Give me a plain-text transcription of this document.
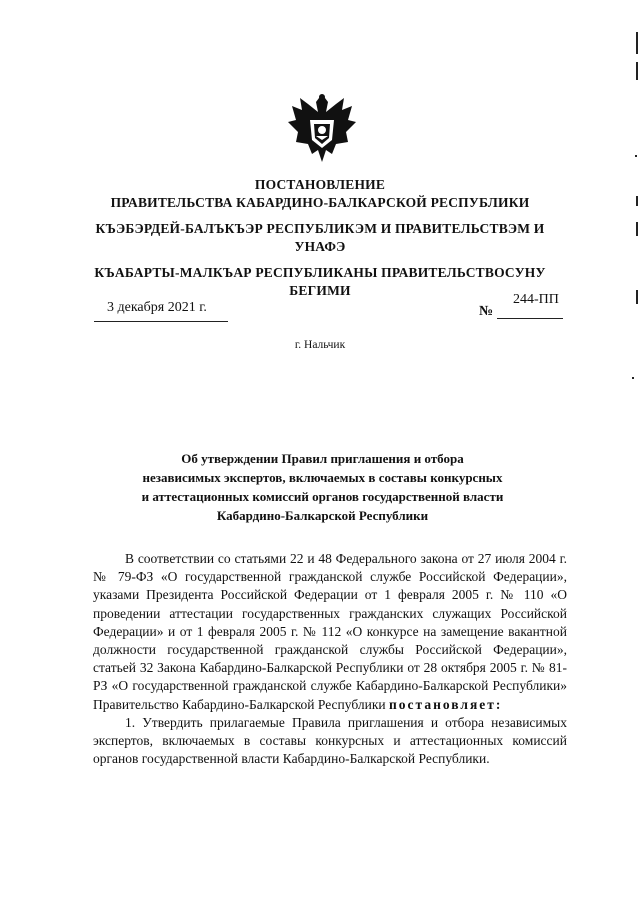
ПОСТАНОВЛЕНИЕ
ПРАВИТЕЛЬСТВА КАБАРДИНО-БАЛКАРСКОЙ РЕСПУБЛИКИ
КЪЭБЭРДЕЙ-БАЛЪКЪЭР РЕСПУБЛИКЭМ И ПРАВИТЕЛЬСТВЭМ И
УНАФЭ
КЪАБАРТЫ-МАЛКЪАР РЕСПУБЛИКАНЫ ПРАВИТЕЛЬСТВОСУНУ
БЕГИМИ
3 декабря 2021 г.
244-ПП
№
г. Нальчик
Об утверждении Правил приглашения и отбора
независимых экспертов, включаемых в составы конкурсных
и аттестационных комиссий органов государственной власти
Кабардино-Балкарской Республики

В соответствии со статьями 22 и 48 Федерального закона от 27 июля 2004 г. № 79-ФЗ «О государственной гражданской службе Российской Федерации», указами Президента Российской Федерации от 1 февраля 2005 г. № 110 «О проведении аттестации государственных гражданских служащих Российской Федерации» и от 1 февраля 2005 г. № 112 «О конкурсе на замещение вакантной должности государственной гражданской службы Российской Федерации», статьей 32 Закона Кабардино-Балкарской Республики от 28 октября 2005 г. № 81-РЗ «О государственной гражданской службе Кабардино-Балкарской Республики» Правительство Кабардино-Балкарской Республики постановляет:

1. Утвердить прилагаемые Правила приглашения и отбора независимых экспертов, включаемых в составы конкурсных и аттестационных комиссий органов государственной власти Кабардино-Балкарской Республики.
